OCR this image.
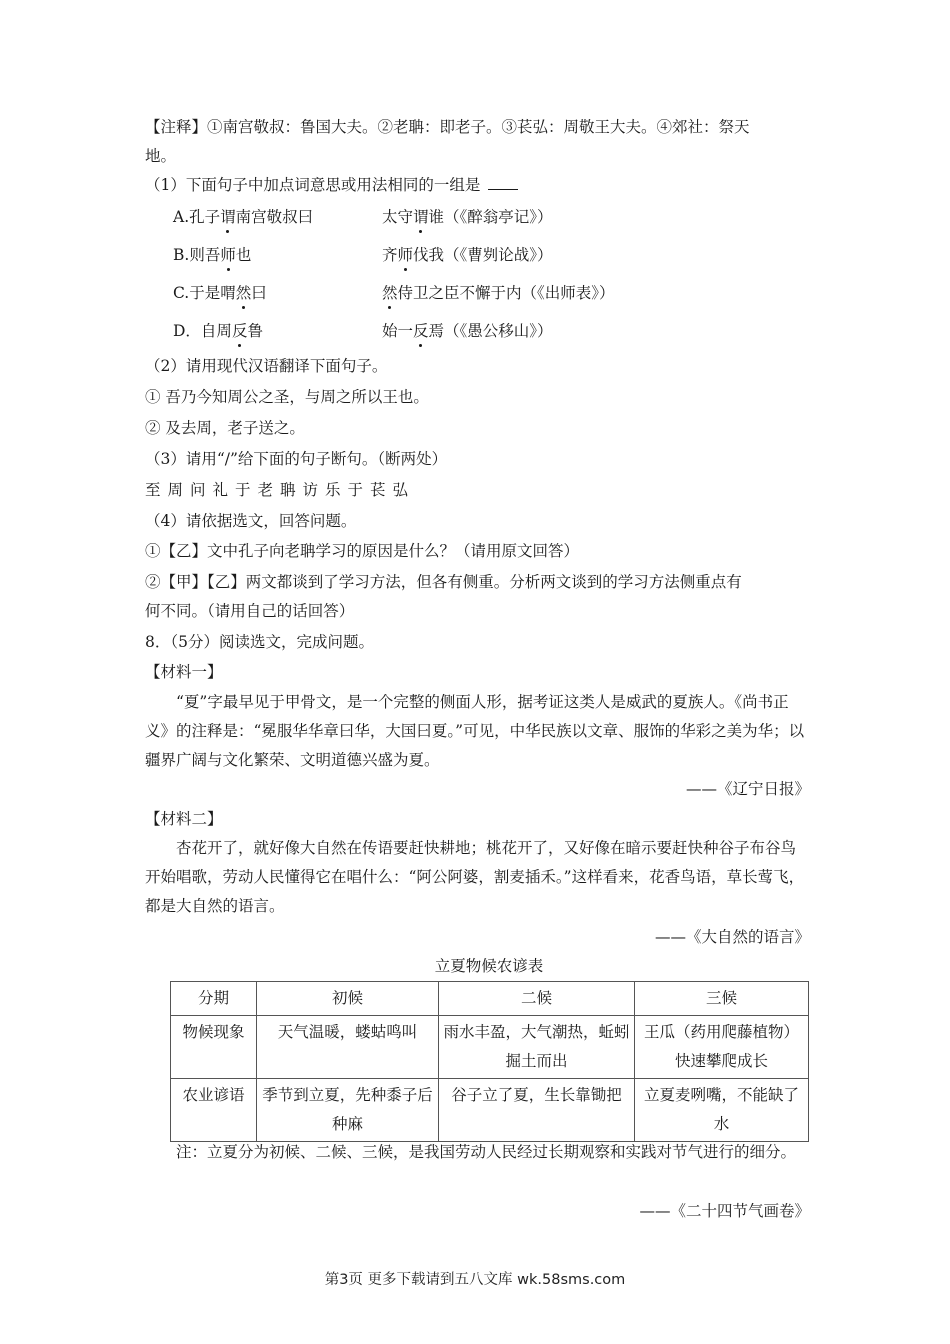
【注释】①南宫敬叔：鲁国大夫。②老聃：即老子。③苌弘：周敬王大夫。④郊社：祭天
地。
（1）下面句子中加点词意思或用法相同的一组是
A.孔子谓南宫敬叔曰	太守谓谁（《醉翁亭记》）
B.则吾师也	齐师伐我（《曹刿论战》）
C.于是喟然曰	然侍卫之臣不懈于内（《出师表》）
D．自周反鲁	始一反焉（《愚公移山》）
（2）请用现代汉语翻译下面句子。
① 吾乃今知周公之圣，与周之所以王也。
② 及去周，老子送之。
（3）请用“/”给下面的句子断句。（断两处）
至周问礼于老聃访乐于苌弘
（4）请依据选文，回答问题。
①【乙】文中孔子向老聃学习的原因是什么？（请用原文回答）
②【甲】【乙】两文都谈到了学习方法，但各有侧重。分析两文谈到的学习方法侧重点有
何不同。（请用自己的话回答）
8．（5分）阅读选文，完成问题。
【材料一】
“夏”字最早见于甲骨文，是一个完整的侧面人形，据考证这类人是威武的夏族人。《尚书正义》的注释是：“冕服华华章曰华，大国曰夏。”可见，中华民族以文章、服饰的华彩之美为华；以疆界广阔与文化繁荣、文明道德兴盛为夏。
——《辽宁日报》
【材料二】
杏花开了，就好像大自然在传语要赶快耕地；桃花开了，又好像在暗示要赶快种谷子布谷鸟开始唱歌，劳动人民懂得它在唱什么：“阿公阿婆，割麦插禾。”这样看来，花香鸟语，草长莺飞，都是大自然的语言。
——《大自然的语言》
立夏物候农谚表
分期	初候	二候	三候
物候现象	天气温暖，蝼蛄鸣叫	雨水丰盈，大气潮热，蚯蚓掘土而出	王瓜（药用爬藤植物）快速攀爬成长
农业谚语	季节到立夏，先种黍子后种麻	谷子立了夏，生长靠锄把	立夏麦咧嘴，不能缺了水
注：立夏分为初候、二候、三候，是我国劳动人民经过长期观察和实践对节气进行的细分。
——《二十四节气画卷》
第3页 更多下载请到五八文库 wk.58sms.com
